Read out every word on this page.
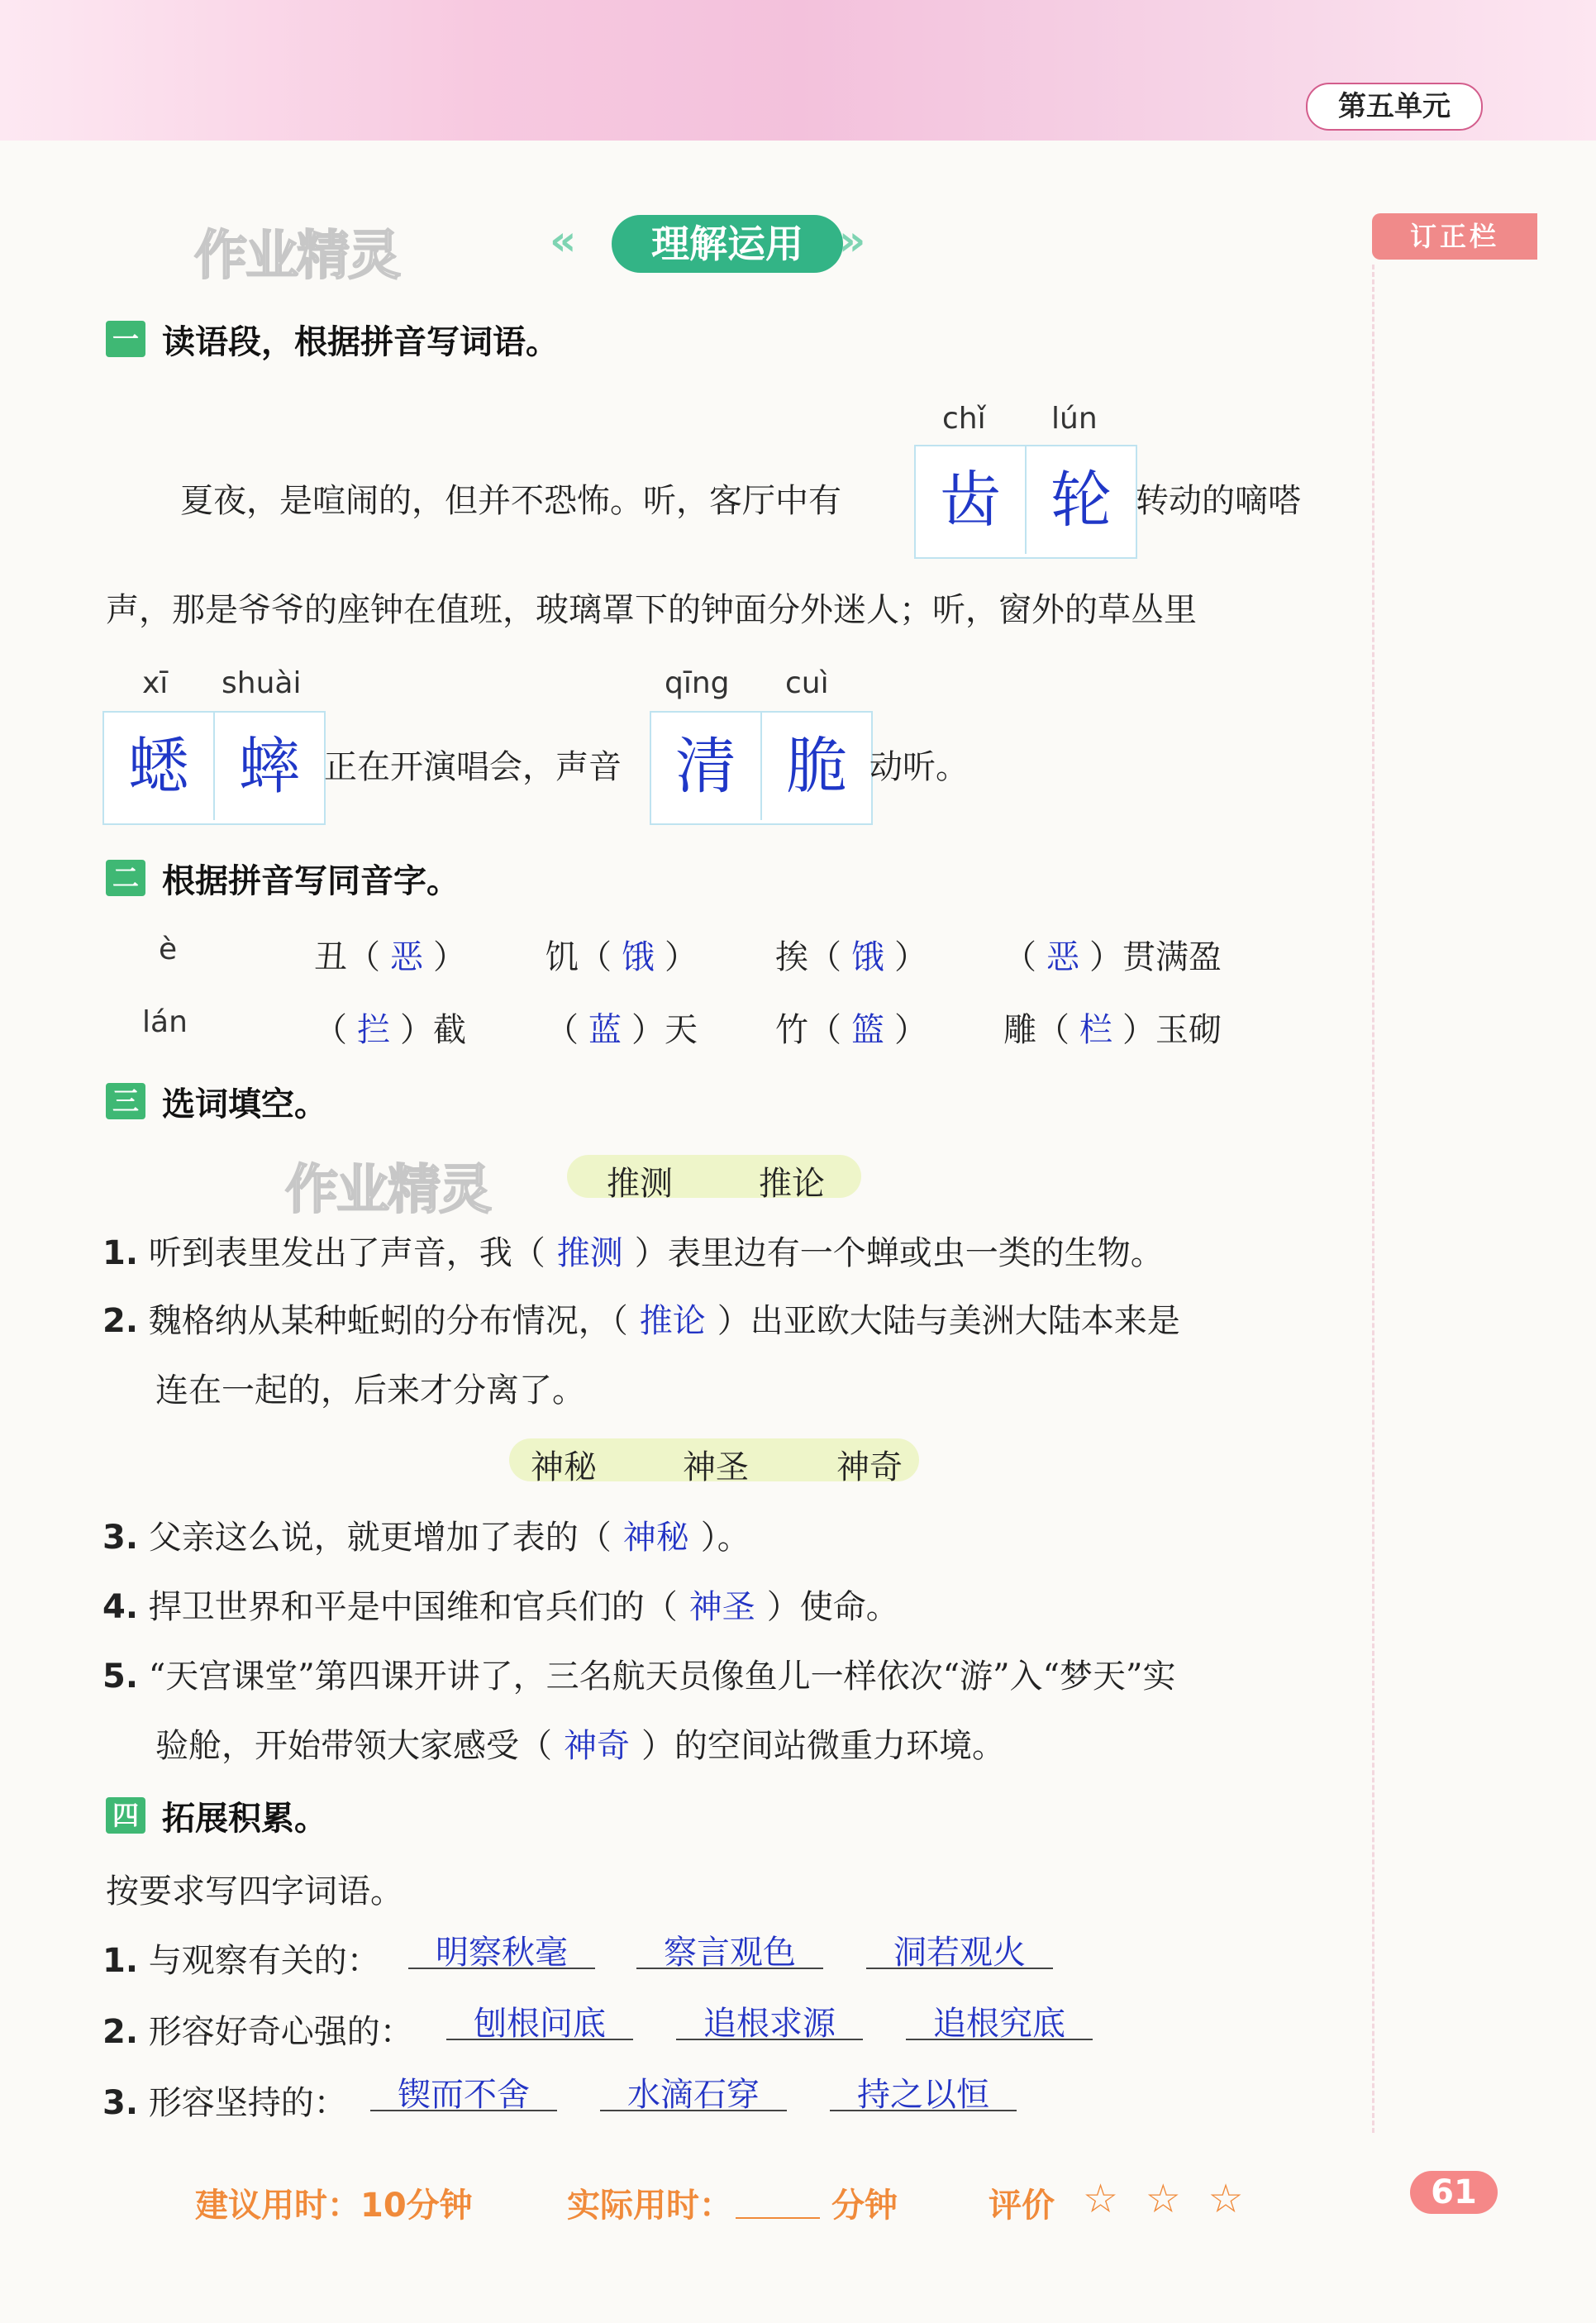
第五单元
订正栏
作业精灵
作业精灵
«	理解运用 »
一 读语段，根据拼音写词语。
chǐ lún
夏夜，是喧闹的，但并不恐怖。听，客厅中有	齿 轮 转动的嘀嗒
声，那是爷爷的座钟在值班，玻璃罩下的钟面分外迷人；听，窗外的草丛里
xī shuài	qīng cuì
蟋 蟀 正在开演唱会，声音 清 脆 动听。
二 根据拼音写同音字。
è	丑（ 恶 ） 饥（ 饿 ） 挨（ 饿 ） （ 恶 ）贯满盈
lán	（ 拦 ）截 （ 蓝 ）天 竹（ 篮 ） 雕（ 栏 ）玉砌
三 选词填空。
推测	推论
1. 听到表里发出了声音，我（ 推测 ）表里边有一个蝉或虫一类的生物。
2. 魏格纳从某种蚯蚓的分布情况，（ 推论 ）出亚欧大陆与美洲大陆本来是
连在一起的，后来才分离了。
神秘	神圣	神奇
3. 父亲这么说，就更增加了表的（ 神秘 ）。
4. 捍卫世界和平是中国维和官兵们的（ 神圣 ）使命。
5. “天宫课堂”第四课开讲了，三名航天员像鱼儿一样依次“游”入“梦天”实
验舱，开始带领大家感受（ 神奇 ）的空间站微重力环境。
四 拓展积累。
按要求写四字词语。
1. 与观察有关的：	明察秋毫	察言观色	洞若观火
2. 形容好奇心强的：	刨根问底	追根求源	追根究底
3. 形容坚持的：	锲而不舍	水滴石穿	持之以恒
建议用时：10分钟	实际用时：	分钟	评价 ☆ ☆ ☆	61
